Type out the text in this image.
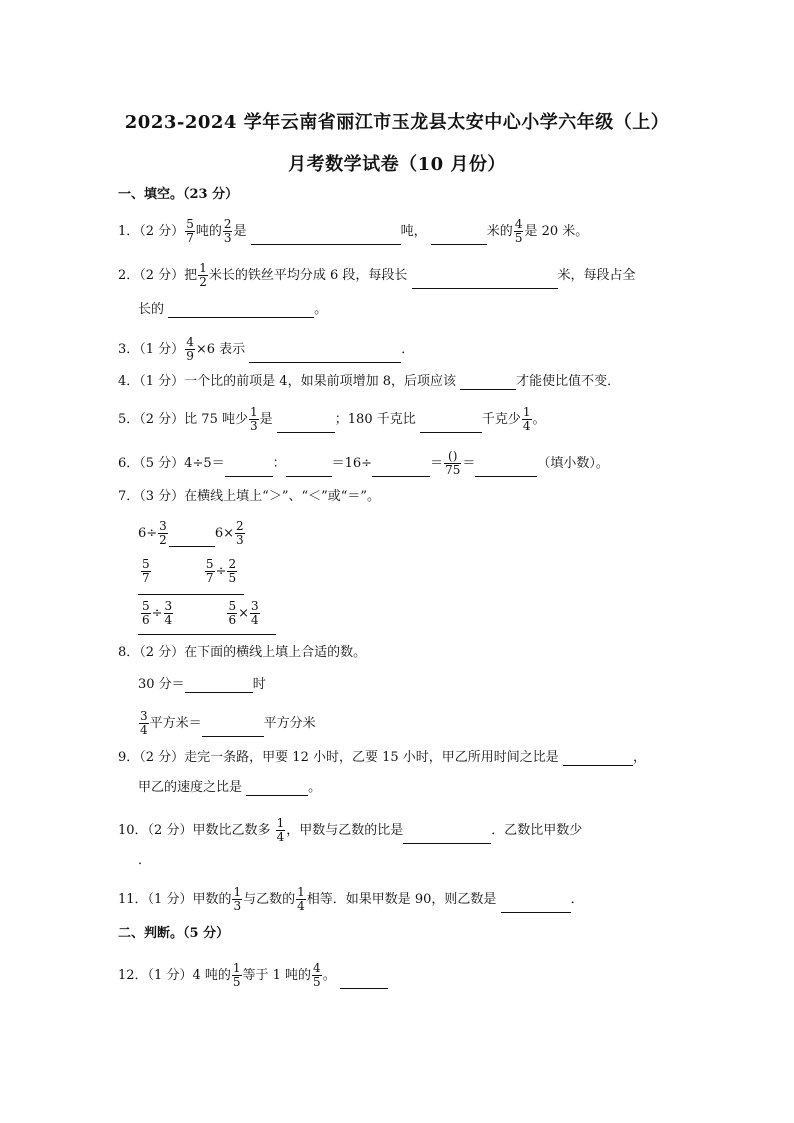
2023-2024 学年云南省丽江市玉龙县太安中心小学六年级（上）
月考数学试卷（10 月份）
一、填空。（23 分）
1．（2 分） $\frac{5}{7}$ 吨的 $\frac{2}{3}$ 是	吨，	米的 $\frac{4}{5}$ 是 20 米。
2．（2 分）把 $\frac{1}{2}$ 米长的铁丝平均分成 6 段，每段长	米，每段占全
长的	。
3．（1 分） $\frac{4}{9} \times 6$ 表示	．
4．（1 分）一个比的前项是 4，如果前项增加 8，后项应该	才能使比值不变．
5．（2 分）比 75 吨少 $\frac{1}{3}$ 是	；180 千克比	千克少 $\frac{1}{4}$ 。
6．（5 分）4÷5＝	：	＝16÷	＝ $\frac{()}{75}$ ＝	（填小数）。
7．（3 分）在横线上填上“＞”、“＜”或“＝”。
$6\div \frac{3}{2}$	$6\times \frac{2}{3}$
$\frac{5}{7}$
	$\frac{5}{7} \div \frac{2}{5}$
$\frac{5}{6} \div \frac{3}{4}$
	$\frac{5}{6} \times \frac{3}{4}$
8．（2 分）在下面的横线上填上合适的数。
30 分＝	时
$\frac{3}{4}$ 平方米＝	平方分米
9．（2 分）走完一条路，甲要 12 小时，乙要 15 小时，甲乙所用时间之比是	，
甲乙的速度之比是	。
10．（2 分）甲数比乙数多 $\frac{1}{4}$ ，甲数与乙数的比是	．乙数比甲数少
．
11．（1 分）甲数的 $\frac{1}{3}$ 与乙数的 $\frac{1}{4}$ 相等．如果甲数是 90，则乙数是	．
二、判断。（5 分）
12．（1 分）4 吨的 $\frac{1}{5}$ 等于 1 吨的 $\frac{4}{5}$ 。
